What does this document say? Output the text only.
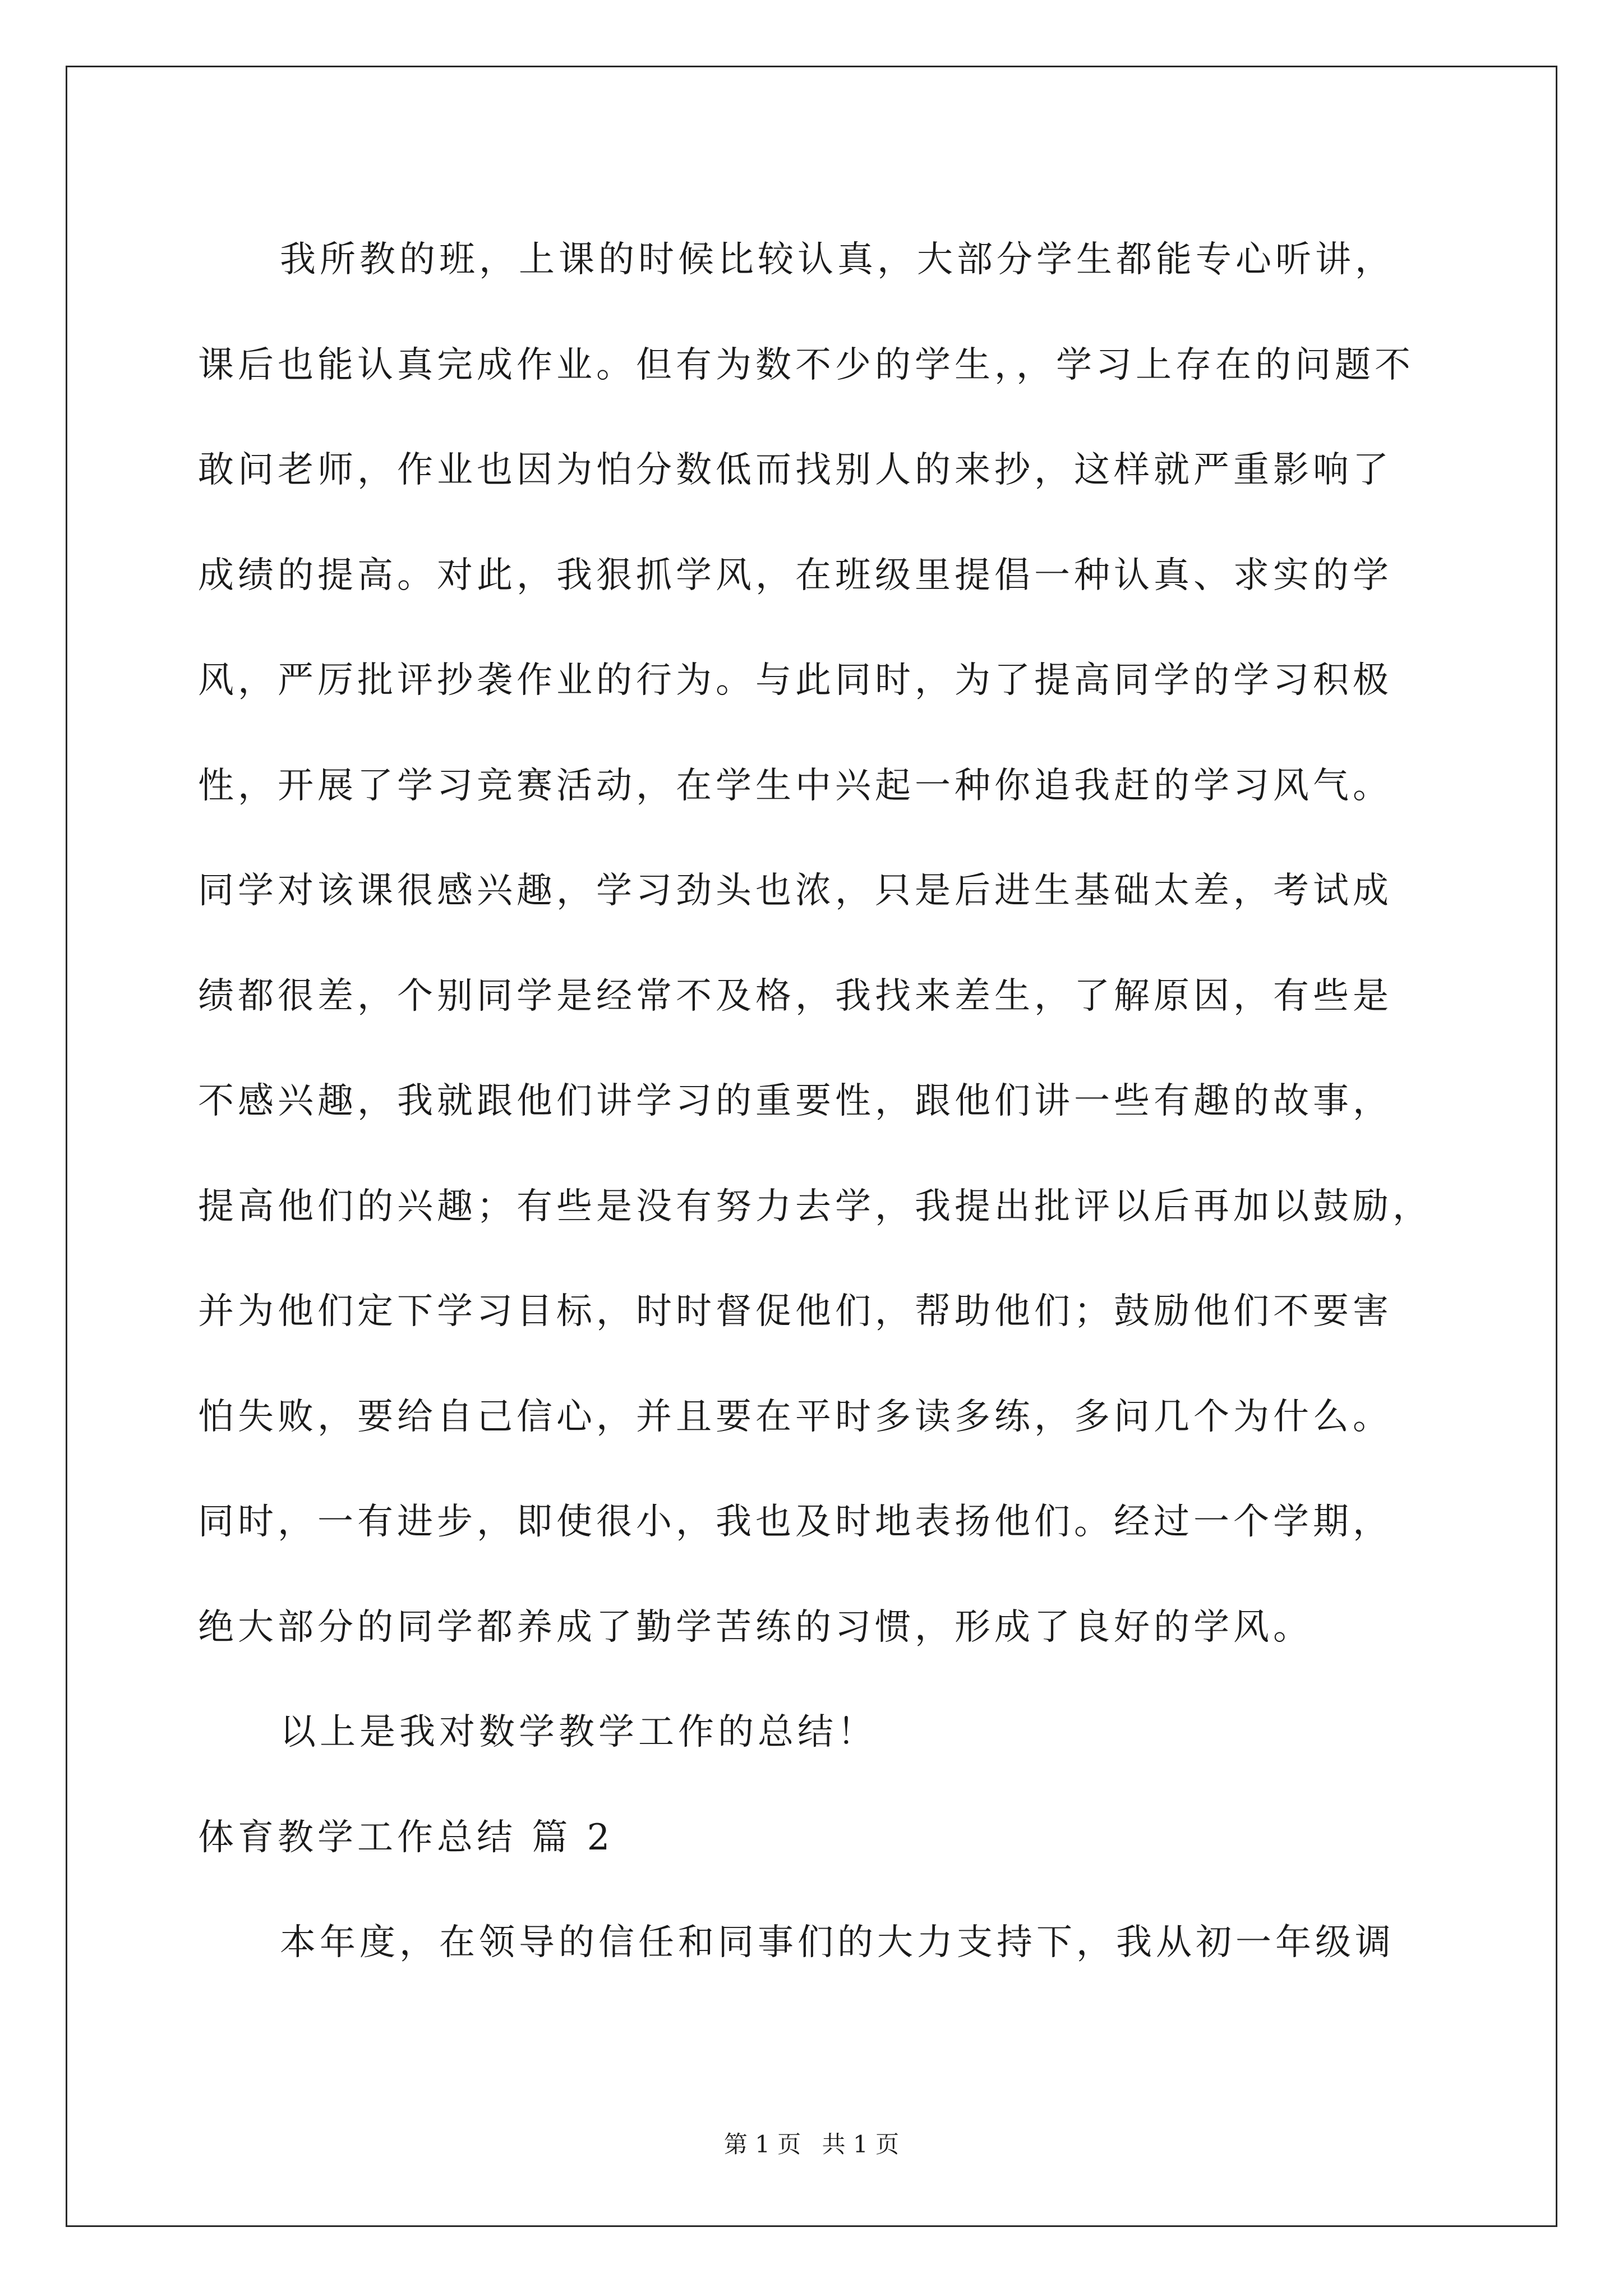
我所教的班，上课的时候比较认真，大部分学生都能专心听讲，
课后也能认真完成作业。但有为数不少的学生，，学习上存在的问题不
敢问老师，作业也因为怕分数低而找别人的来抄，这样就严重影响了
成绩的提高。对此，我狠抓学风，在班级里提倡一种认真、求实的学
风，严厉批评抄袭作业的行为。与此同时，为了提高同学的学习积极
性，开展了学习竞赛活动，在学生中兴起一种你追我赶的学习风气。
同学对该课很感兴趣，学习劲头也浓，只是后进生基础太差，考试成
绩都很差，个别同学是经常不及格，我找来差生，了解原因，有些是
不感兴趣，我就跟他们讲学习的重要性，跟他们讲一些有趣的故事，
提高他们的兴趣；有些是没有努力去学，我提出批评以后再加以鼓励，
并为他们定下学习目标，时时督促他们，帮助他们；鼓励他们不要害
怕失败，要给自己信心，并且要在平时多读多练，多问几个为什么。
同时，一有进步，即使很小，我也及时地表扬他们。经过一个学期，
绝大部分的同学都养成了勤学苦练的习惯，形成了良好的学风。
以上是我对数学教学工作的总结！
体育教学工作总结 篇 2
本年度，在领导的信任和同事们的大力支持下，我从初一年级调
第 1 页 共 1 页
